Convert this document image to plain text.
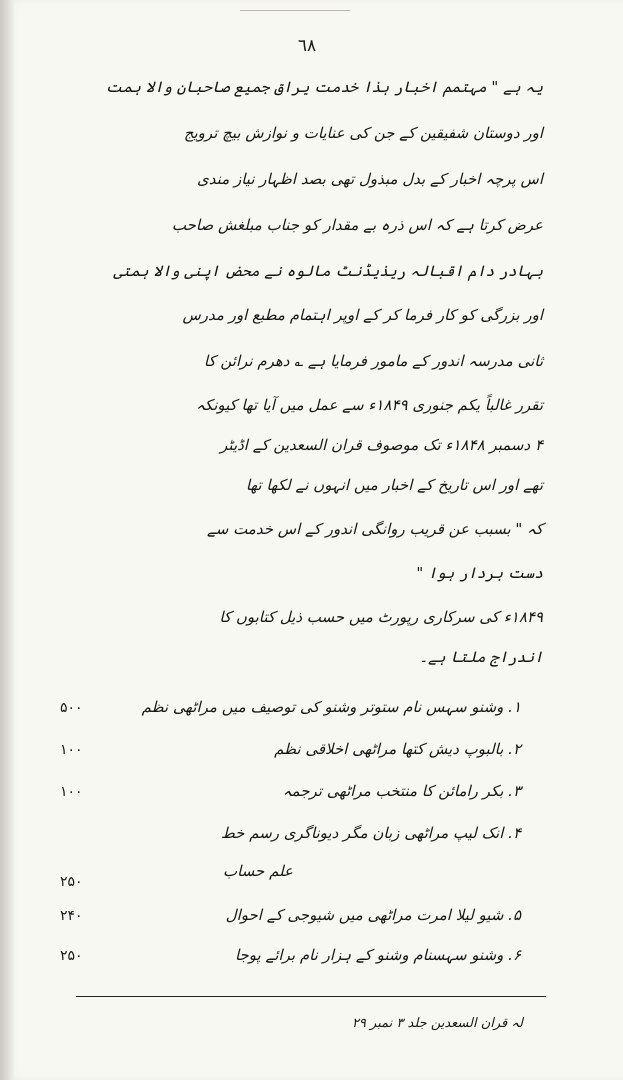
٦٨
یہ ہے " مہتمم اخبار ہذا خدمت یراق جمیع صاحبان والا ہمت
اور دوستان شفیقین کے جن کی عنایات و نوازش بیچ ترویج
اس پرچہ اخبار کے بدل مبذول تھی بصد اظہار نیاز مندی
عرض کرتا ہے کہ اس ذرہ بے مقدار کو جناب مبلغش صاحب
بہادر دام اقبالہ ریذیڈنٹ مالوہ نے محض اپنی والا ہمتی
اور بزرگی کو کار فرما کر کے اوپر اہتمام مطبع اور مدرس
ثانی مدرسہ اندور کے مامور فرمایا ہے ؎ دھرم نرائن کا
تقرر غالباً یکم جنوری ۱۸۴۹ء سے عمل میں آیا تھا کیونکہ
۴ دسمبر ۱۸۴۸ء تک موصوف قران السعدین کے اڈیٹر
تھے اور اس تاریخ کے اخبار میں انہوں نے لکھا تھا
کہ " بسبب عن قریب روانگی اندور کے اس خدمت سے
دست بردار ہوا "
۱۸۴۹ء کی سرکاری رپورٹ میں حسب ذیل کتابوں کا
اندراج ملتا ہے۔
۱. وشنو سہس نام ستوتر وشنو کی توصیف میں مراٹھی نظم
۵۰۰
۲. بالبوپ دیش کتھا مراٹھی اخلاقی نظم
۱۰۰
۳. بکر رامائن کا منتخب مراٹھی ترجمہ
۱۰۰
۴. انک لیپ مراٹھی زبان مگر دیوناگری رسم خط
علم حساب
۲۵۰
۵. شیو لیلا امرت مراٹھی میں شیوجی کے احوال
۲۴۰
۶. وشنو سہسنام وشنو کے ہزار نام برائے پوجا
۲۵۰
لہ قران السعدین جلد ۳ نمبر ۲۹
